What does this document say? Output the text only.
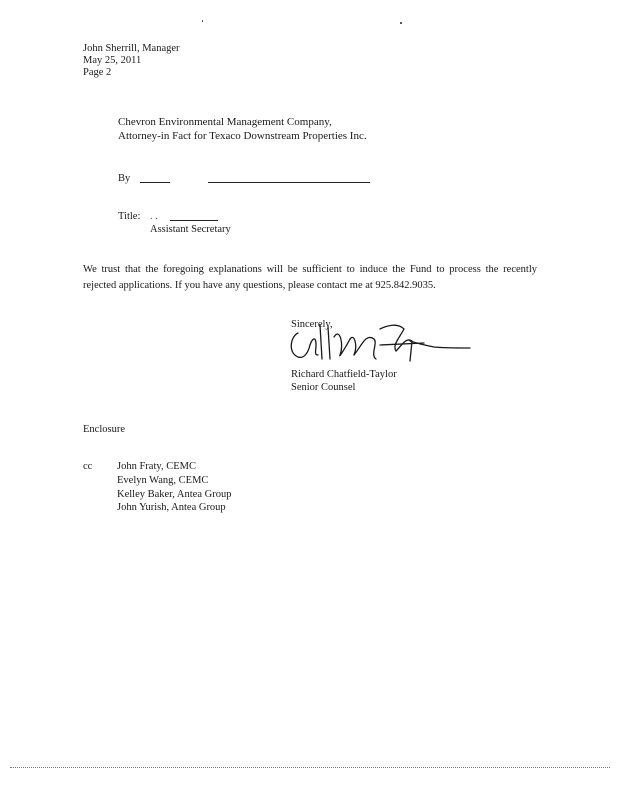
John Sherrill, Manager
May 25, 2011
Page 2
Chevron Environmental Management Company,
Attorney-in Fact for Texaco Downstream Properties Inc.
By
Title: . .
Assistant Secretary
We trust that the foregoing explanations will be sufficient to induce the Fund to process the recently rejected applications. If you have any questions, please contact me at 925.842.9035.
Sincerely,
Richard Chatfield-Taylor
Senior Counsel
Enclosure
cc John Fraty, CEMC
Evelyn Wang, CEMC
Kelley Baker, Antea Group
John Yurish, Antea Group
